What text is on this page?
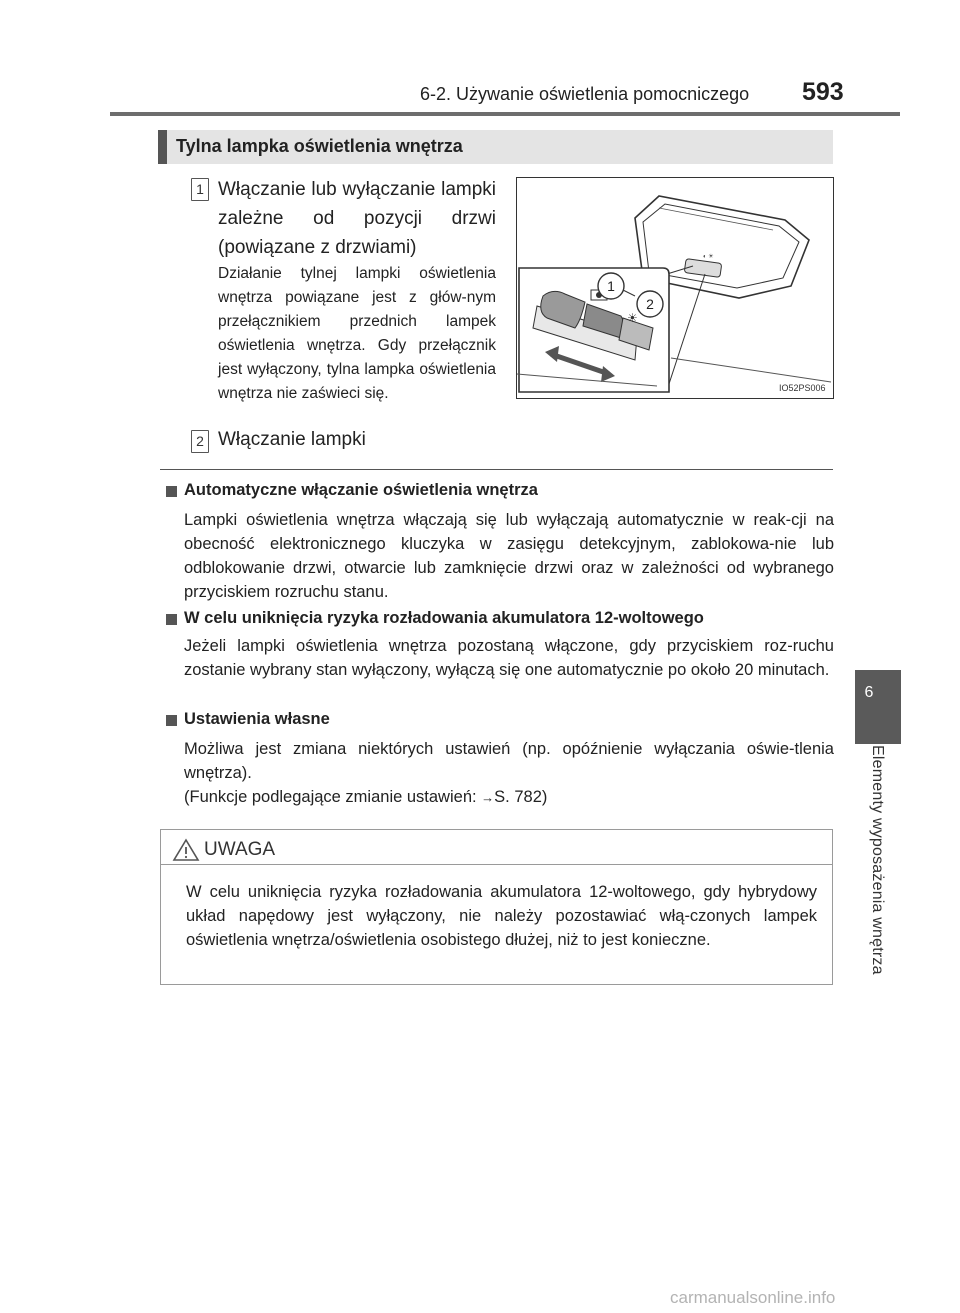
6-2. Używanie oświetlenia pomocniczego 593
6
Elementy wyposażenia wnętrza
Tylna lampka oświetlenia wnętrza
1 Włączanie lub wyłączanie lampki zależne od pozycji drzwi (powiązane z drzwiami)
Działanie tylnej lampki oświetlenia wnętrza powiązane jest z głów-nym przełącznikiem przednich lampek oświetlenia wnętrza. Gdy przełącznik jest wyłączony, tylna lampka oświetlenia wnętrza nie zaświeci się.
2 Włączanie lampki
◐ ☀
☀
1
2
IO52PS006
Automatyczne włączanie oświetlenia wnętrza
Lampki oświetlenia wnętrza włączają się lub wyłączają automatycznie w reak-cji na obecność elektronicznego kluczyka w zasięgu detekcyjnym, zablokowa-nie lub odblokowanie drzwi, otwarcie lub zamknięcie drzwi oraz w zależności od wybranego przyciskiem rozruchu stanu.
W celu uniknięcia ryzyka rozładowania akumulatora 12-woltowego
Jeżeli lampki oświetlenia wnętrza pozostaną włączone, gdy przyciskiem roz-ruchu zostanie wybrany stan wyłączony, wyłączą się one automatycznie po około 20 minutach.
Ustawienia własne
Możliwa jest zmiana niektórych ustawień (np. opóźnienie wyłączania oświe-tlenia wnętrza).
(Funkcje podlegające zmianie ustawień: →S. 782)
UWAGA
W celu uniknięcia ryzyka rozładowania akumulatora 12-woltowego, gdy hybrydowy układ napędowy jest wyłączony, nie należy pozostawiać włą-czonych lampek oświetlenia wnętrza/oświetlenia osobistego dłużej, niż to jest konieczne.
carmanualsonline.info
